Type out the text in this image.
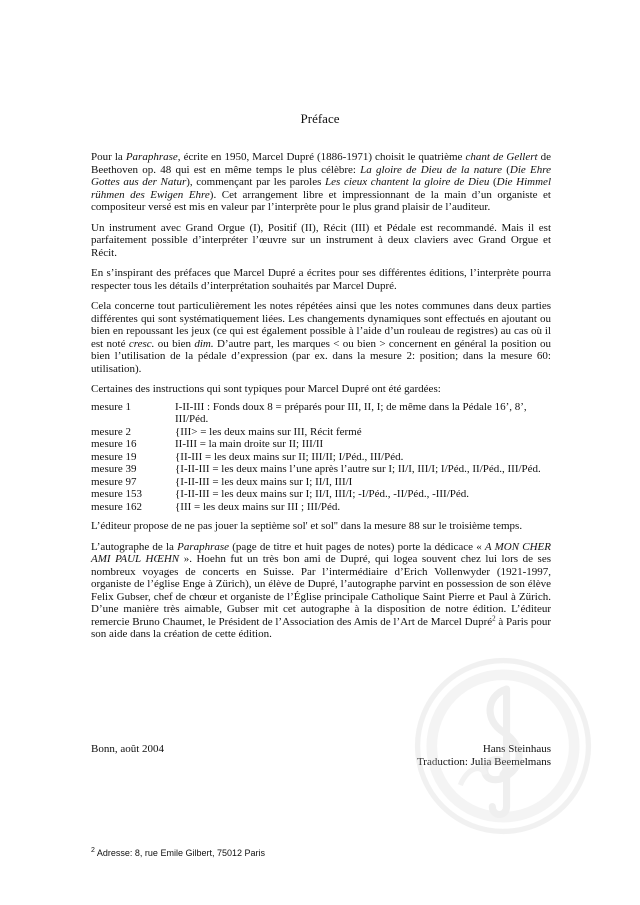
Préface

Pour la Paraphrase, écrite en 1950, Marcel Dupré (1886-1971) choisit le quatrième chant de Gellert de Beethoven op. 48 qui est en même temps le plus célèbre: La gloire de Dieu de la nature (Die Ehre Gottes aus der Natur), commençant par les paroles Les cieux chantent la gloire de Dieu (Die Himmel rühmen des Ewigen Ehre). Cet arrangement libre et impressionnant de la main d’un organiste et compositeur versé est mis en valeur par l’interprète pour le plus grand plaisir de l’auditeur.

Un instrument avec Grand Orgue (I), Positif (II), Récit (III) et Pédale est recommandé. Mais il est parfaitement possible d’interpréter l’œuvre sur un instrument à deux claviers avec Grand Orgue et Récit.

En s’inspirant des préfaces que Marcel Dupré a écrites pour ses différentes éditions, l’interprète pourra respecter tous les détails d’interprétation souhaités par Marcel Dupré.

Cela concerne tout particulièrement les notes répétées ainsi que les notes communes dans deux parties différentes qui sont systématiquement liées. Les changements dynamiques sont effectués en ajoutant ou bien en repoussant les jeux (ce qui est également possible à l’aide d’un rouleau de registres) au cas où il est noté cresc. ou bien dim. D’autre part, les marques < ou bien > concernent en général la position ou bien l’utilisation de la pédale d’expression (par ex. dans la mesure 2: position; dans la mesure 60: utilisation).

Certaines des instructions qui sont typiques pour Marcel Dupré ont été gardées:

mesure 1	I-II-III : Fonds doux 8 = préparés pour III, II, I; de même dans la Pédale 16’, 8’, III/Péd.
mesure 2	{III> = les deux mains sur III, Récit fermé
mesure 16	II-III = la main droite sur II; III/II
mesure 19	{II-III = les deux mains sur II; III/II; I/Péd., III/Péd.
mesure 39	{I-II-III = les deux mains l’une après l’autre sur I; II/I, III/I; I/Péd., II/Péd., III/Péd.
mesure 97	{I-II-III = les deux mains sur I; II/I, III/I
mesure 153	{I-II-III = les deux mains sur I; II/I, III/I; -I/Péd., -II/Péd., -III/Péd.
mesure 162	{III = les deux mains sur III ; III/Péd.

L’éditeur propose de ne pas jouer la septième sol' et sol'' dans la mesure 88 sur le troisième temps.

L’autographe de la Paraphrase (page de titre et huit pages de notes) porte la dédicace « A MON CHER AMI PAUL HŒHN ». Hoehn fut un très bon ami de Dupré, qui logea souvent chez lui lors de ses nombreux voyages de concerts en Suisse. Par l’intermédiaire d’Erich Vollenwyder (1921-1997, organiste de l’église Enge à Zürich), un élève de Dupré, l’autographe parvint en possession de son élève Felix Gubser, chef de chœur et organiste de l’Église principale Catholique Saint Pierre et Paul à Zürich. D’une manière très aimable, Gubser mit cet autographe à la disposition de notre édition. L’éditeur remercie Bruno Chaumet, le Président de l’Association des Amis de l’Art de Marcel Dupré$^2$ à Paris pour son aide dans la création de cette édition.

Bonn, août 2004	Hans Steinhaus
Traduction: Julia Beemelmans
$^2$ Adresse: 8, rue Emile Gilbert, 75012 Paris
